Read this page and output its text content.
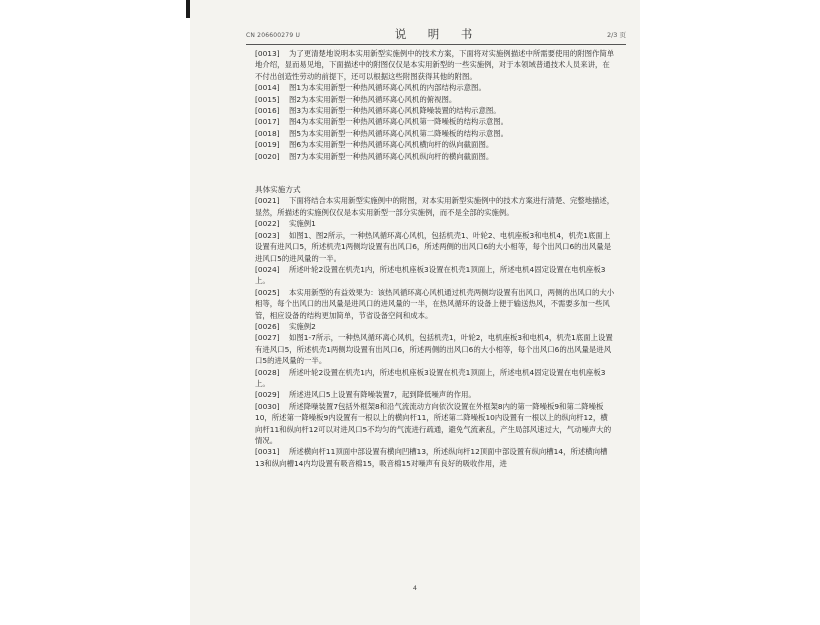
CN 206600279 U	说　明　书	2/3 页
[0013]　为了更清楚地说明本实用新型实施例中的技术方案，下面将对实施例描述中所需要使用的附图作简单地介绍，显而易见地，下面描述中的附图仅仅是本实用新型的一些实施例，对于本领域普通技术人员来讲，在不付出创造性劳动的前提下，还可以根据这些附图获得其他的附图。
[0014]　图1为本实用新型一种热风循环离心风机的内部结构示意图。
[0015]　图2为本实用新型一种热风循环离心风机的俯视图。
[0016]　图3为本实用新型一种热风循环离心风机降噪装置的结构示意图。
[0017]　图4为本实用新型一种热风循环离心风机第一降噪板的结构示意图。
[0018]　图5为本实用新型一种热风循环离心风机第二降噪板的结构示意图。
[0019]　图6为本实用新型一种热风循环离心风机横向杆的纵向截面图。
[0020]　图7为本实用新型一种热风循环离心风机纵向杆的横向截面图。
具体实施方式
[0021]　下面将结合本实用新型实施例中的附图，对本实用新型实施例中的技术方案进行清楚、完整地描述，显然，所描述的实施例仅仅是本实用新型一部分实施例，而不是全部的实施例。
[0022]　实施例1
[0023]　如图1、图2所示，一种热风循环离心风机，包括机壳1、叶轮2、电机座板3和电机4，机壳1底面上设置有进风口5，所述机壳1两侧均设置有出风口6，所述两侧的出风口6的大小相等，每个出风口6的出风量是进风口5的进风量的一半。
[0024]　所述叶轮2设置在机壳1内，所述电机座板3设置在机壳1顶面上，所述电机4固定设置在电机座板3上。
[0025]　本实用新型的有益效果为：该热风循环离心风机通过机壳两侧均设置有出风口，两侧的出风口的大小相等，每个出风口的出风量是进风口的进风量的一半，在热风循环的设备上便于输送热风，不需要多加一些风管，相应设备的结构更加简单，节省设备空间和成本。
[0026]　实施例2
[0027]　如图1-7所示，一种热风循环离心风机，包括机壳1，叶轮2，电机座板3和电机4，机壳1底面上设置有进风口5，所述机壳1两侧均设置有出风口6，所述两侧的出风口6的大小相等，每个出风口6的出风量是进风口5的进风量的一半。
[0028]　所述叶轮2设置在机壳1内，所述电机座板3设置在机壳1顶面上，所述电机4固定设置在电机座板3上。
[0029]　所述进风口5上设置有降噪装置7，起到降低噪声的作用。
[0030]　所述降噪装置7包括外框架8和沿气流流动方向依次设置在外框架8内的第一降噪板9和第二降噪板10，所述第一降噪板9内设置有一根以上的横向杆11，所述第二降噪板10内设置有一根以上的纵向杆12，横向杆11和纵向杆12可以对进风口5不均匀的气流进行疏通，避免气流紊乱，产生局部风速过大，气动噪声大的情况。
[0031]　所述横向杆11顶面中部设置有横向凹槽13，所述纵向杆12顶面中部设置有纵向槽14，所述横向槽13和纵向槽14内均设置有吸音棉15，吸音棉15对噪声有良好的吸收作用，进
4
